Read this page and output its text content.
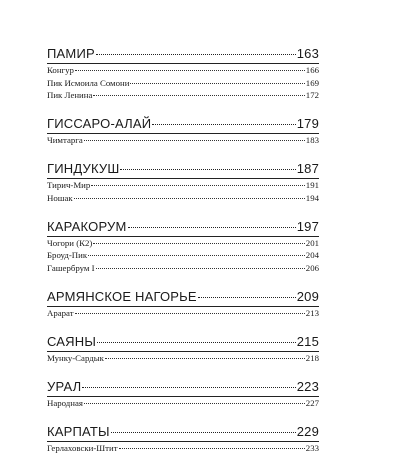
ПАМИР	163
Конгур	166
Пик Исмоила Сомони	169
Пик Ленина	172
ГИССАРО-АЛАЙ	179
Чимтарга	183
ГИНДУКУШ	187
Тирич-Мир	191
Ношак	194
КАРАКОРУМ	197
Чогори (К2)	201
Броуд-Пик	204
Гашербрум I	206
АРМЯНСКОЕ НАГОРЬЕ	209
Арарат	213
САЯНЫ	215
Мунку-Сардык	218
УРАЛ	223
Народная	227
КАРПАТЫ	229
Герлаховски-Штит	233
